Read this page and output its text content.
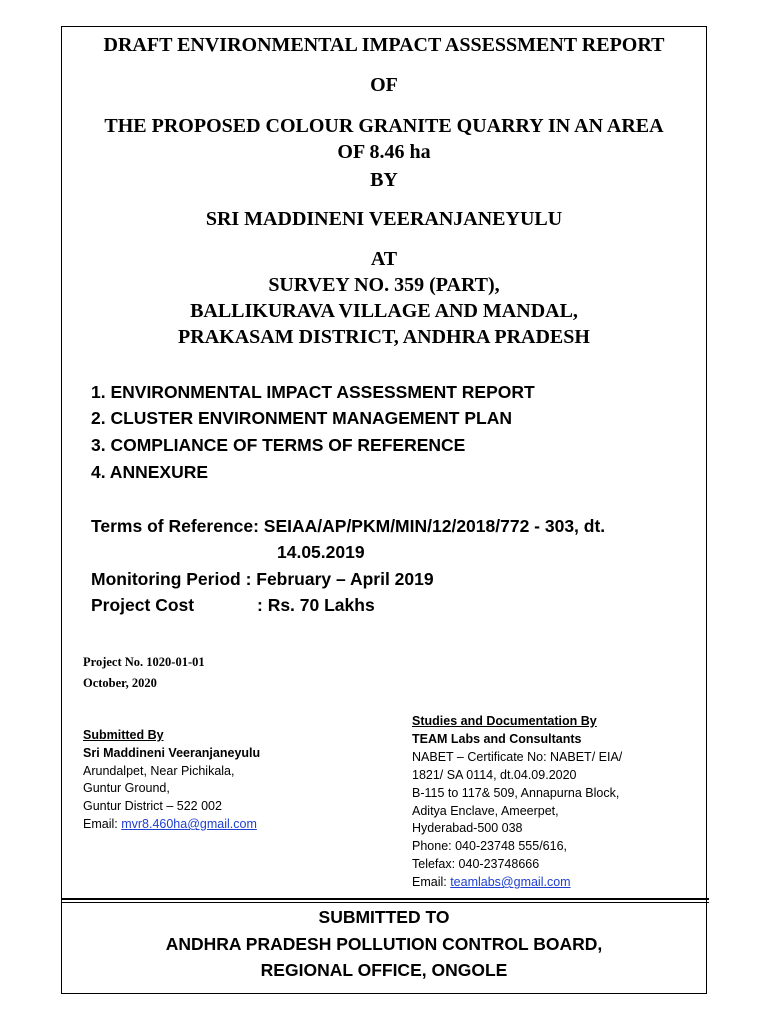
DRAFT ENVIRONMENTAL IMPACT ASSESSMENT REPORT
OF
THE PROPOSED COLOUR GRANITE QUARRY IN AN AREA
OF 8.46 ha
BY
SRI MADDINENI VEERANJANEYULU
AT
SURVEY NO. 359 (PART),
BALLIKURAVA VILLAGE AND MANDAL,
PRAKASAM DISTRICT, ANDHRA PRADESH
1. ENVIRONMENTAL IMPACT ASSESSMENT REPORT
2. CLUSTER ENVIRONMENT MANAGEMENT PLAN
3. COMPLIANCE OF TERMS OF REFERENCE
4. ANNEXURE
Terms of Reference: SEIAA/AP/PKM/MIN/12/2018/772 - 303, dt.
14.05.2019
Monitoring Period : February – April 2019
Project Cost	: Rs. 70 Lakhs
Project No. 1020-01-01
October, 2020
Submitted By
Sri Maddineni Veeranjaneyulu
Arundalpet, Near Pichikala,
Guntur Ground,
Guntur District – 522 002
Email: mvr8.460ha@gmail.com
Studies and Documentation By
TEAM Labs and Consultants
NABET – Certificate No: NABET/ EIA/
1821/ SA 0114, dt.04.09.2020
B-115 to 117& 509, Annapurna Block,
Aditya Enclave, Ameerpet,
Hyderabad-500 038
Phone: 040-23748 555/616,
Telefax: 040-23748666
Email: teamlabs@gmail.com
SUBMITTED TO
ANDHRA PRADESH POLLUTION CONTROL BOARD,
REGIONAL OFFICE, ONGOLE
